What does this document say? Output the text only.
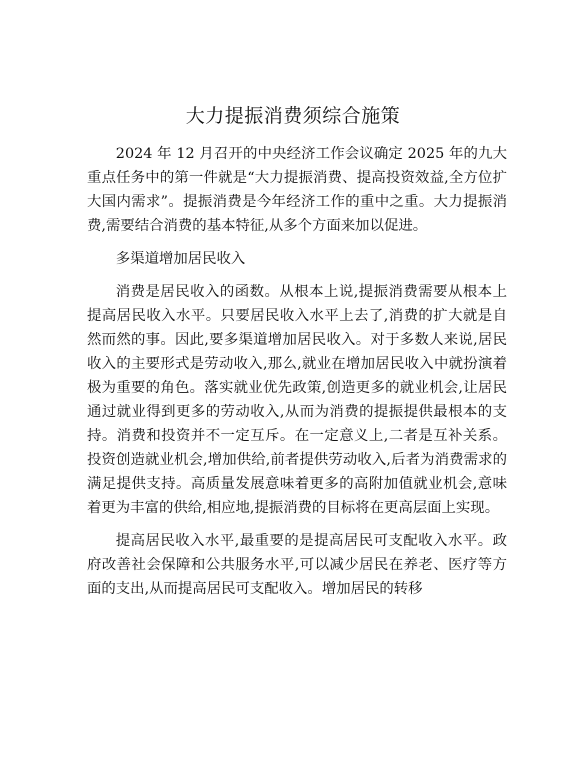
大力提振消费须综合施策

2024 年 12 月召开的中央经济工作会议确定 2025 年的九大重点任务中的第一件就是“大力提振消费、提高投资效益,全方位扩大国内需求”。提振消费是今年经济工作的重中之重。大力提振消费,需要结合消费的基本特征,从多个方面来加以促进。

多渠道增加居民收入

消费是居民收入的函数。从根本上说,提振消费需要从根本上提高居民收入水平。只要居民收入水平上去了,消费的扩大就是自然而然的事。因此,要多渠道增加居民收入。对于多数人来说,居民收入的主要形式是劳动收入,那么,就业在增加居民收入中就扮演着极为重要的角色。落实就业优先政策,创造更多的就业机会,让居民通过就业得到更多的劳动收入,从而为消费的提振提供最根本的支持。消费和投资并不一定互斥。在一定意义上,二者是互补关系。投资创造就业机会,增加供给,前者提供劳动收入,后者为消费需求的满足提供支持。高质量发展意味着更多的高附加值就业机会,意味着更为丰富的供给,相应地,提振消费的目标将在更高层面上实现。

提高居民收入水平,最重要的是提高居民可支配收入水平。政府改善社会保障和公共服务水平,可以减少居民在养老、医疗等方面的支出,从而提高居民可支配收入。增加居民的转移
